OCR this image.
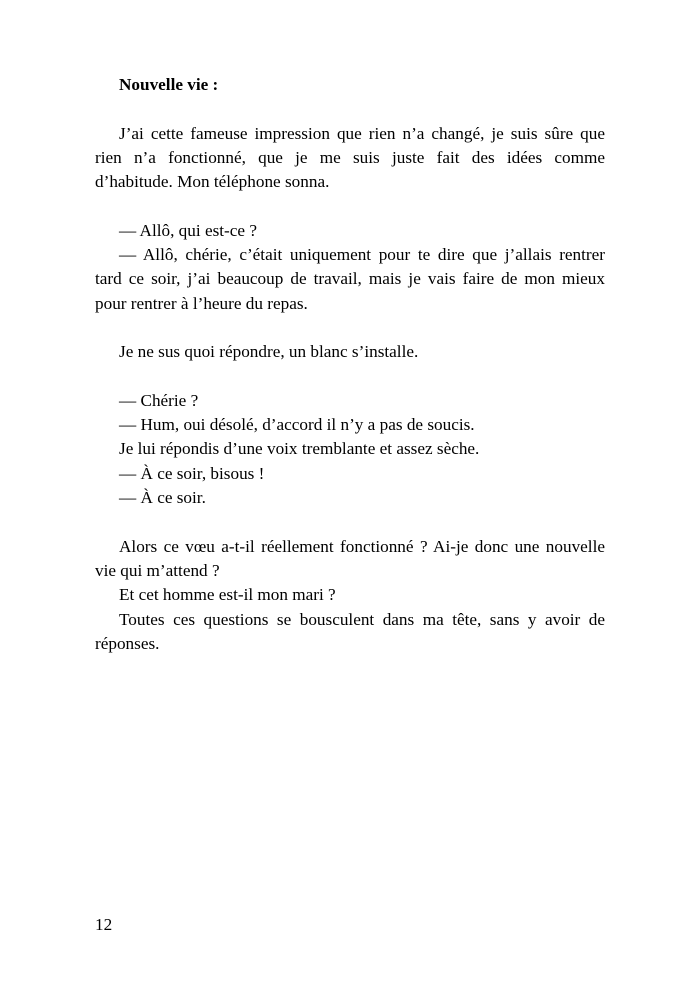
Nouvelle vie :
J’ai cette fameuse impression que rien n’a changé, je suis sûre que
rien n’a fonctionné, que je me suis juste fait des idées comme
d’habitude. Mon téléphone sonna.
— Allô, qui est-ce ?
— Allô, chérie, c’était uniquement pour te dire que j’allais rentrer
tard ce soir, j’ai beaucoup de travail, mais je vais faire de mon mieux
pour rentrer à l’heure du repas.
Je ne sus quoi répondre, un blanc s’installe.
— Chérie ?
— Hum, oui désolé, d’accord il n’y a pas de soucis.
Je lui répondis d’une voix tremblante et assez sèche.
— À ce soir, bisous !
— À ce soir.
Alors ce vœu a-t-il réellement fonctionné ? Ai-je donc une nouvelle
vie qui m’attend ?
Et cet homme est-il mon mari ?
Toutes ces questions se bousculent dans ma tête, sans y avoir de
réponses.
12
